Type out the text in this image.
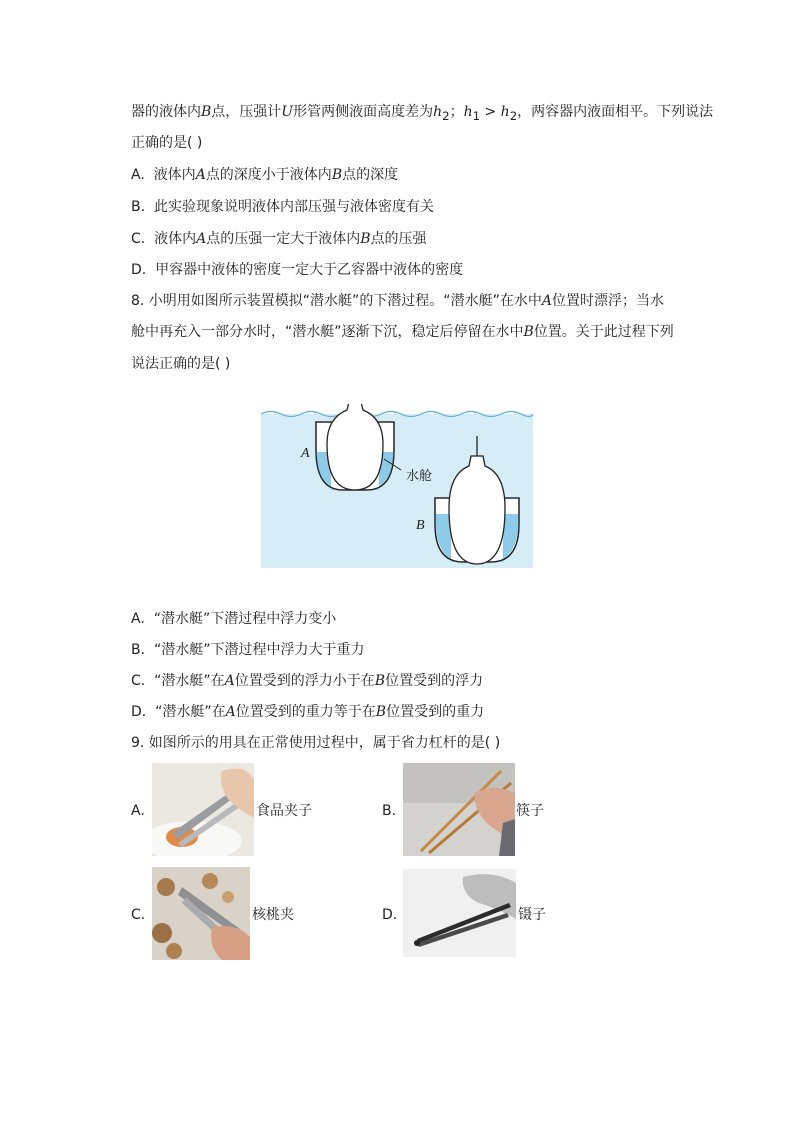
器的液体内B点，压强计U形管两侧液面高度差为$h_2$；$h_1 > h_2$，两容器内液面相平。下列说法
正确的是( )
A. 液体内A点的深度小于液体内B点的深度
B. 此实验现象说明液体内部压强与液体密度有关
C. 液体内A点的压强一定大于液体内B点的压强
D. 甲容器中液体的密度一定大于乙容器中液体的密度
8. 小明用如图所示装置模拟“潜水艇”的下潜过程。“潜水艇”在水中A位置时漂浮；当水
舱中再充入一部分水时，“潜水艇”逐渐下沉，稳定后停留在水中B位置。关于此过程下列
说法正确的是( )
A
B
水舱
A. “潜水艇”下潜过程中浮力变小
B. “潜水艇”下潜过程中浮力大于重力
C. “潜水艇”在A位置受到的浮力小于在B位置受到的浮力
D. “潜水艇”在A位置受到的重力等于在B位置受到的重力
9. 如图所示的用具在正常使用过程中，属于省力杠杆的是( )
A.	食品夹子	B.	筷子
C.	核桃夹	D.	镊子
